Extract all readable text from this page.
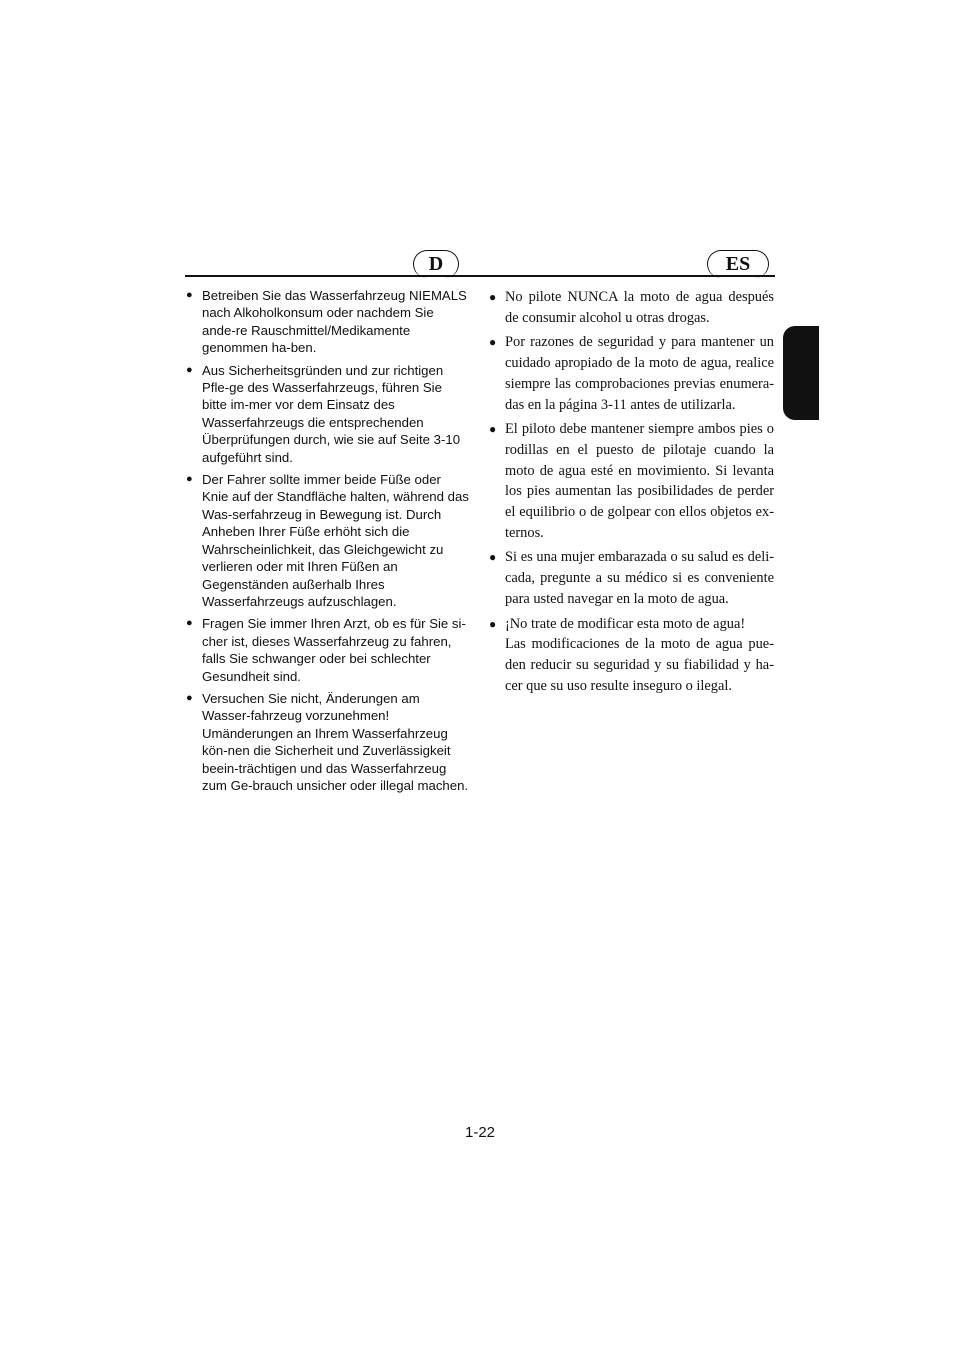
D	ES
● Betreiben Sie das Wasserfahrzeug NIEMALS nach Alkoholkonsum oder nachdem Sie ande-re Rauschmittel/Medikamente genommen ha-ben.
● Aus Sicherheitsgründen und zur richtigen Pfle-ge des Wasserfahrzeugs, führen Sie bitte im-mer vor dem Einsatz des Wasserfahrzeugs die entsprechenden Überprüfungen durch, wie sie auf Seite 3-10 aufgeführt sind.
● Der Fahrer sollte immer beide Füße oder Knie auf der Standfläche halten, während das Was-serfahrzeug in Bewegung ist. Durch Anheben Ihrer Füße erhöht sich die Wahrscheinlichkeit, das Gleichgewicht zu verlieren oder mit Ihren Füßen an Gegenständen außerhalb Ihres Wasserfahrzeugs aufzuschlagen.
● Fragen Sie immer Ihren Arzt, ob es für Sie si-cher ist, dieses Wasserfahrzeug zu fahren, falls Sie schwanger oder bei schlechter Gesundheit sind.
● Versuchen Sie nicht, Änderungen am Wasser-fahrzeug vorzunehmen!
Umänderungen an Ihrem Wasserfahrzeug kön-nen die Sicherheit und Zuverlässigkeit beein-trächtigen und das Wasserfahrzeug zum Ge-brauch unsicher oder illegal machen.
● No pilote NUNCA la moto de agua después de consumir alcohol u otras drogas.
● Por razones de seguridad y para mantener un cuidado apropiado de la moto de agua, realice siempre las comprobaciones previas enumera-das en la página 3-11 antes de utilizarla.
● El piloto debe mantener siempre ambos pies o rodillas en el puesto de pilotaje cuando la moto de agua esté en movimiento. Si levanta los pies aumentan las posibilidades de perder el equilibrio o de golpear con ellos objetos ex-ternos.
● Si es una mujer embarazada o su salud es deli-cada, pregunte a su médico si es conveniente para usted navegar en la moto de agua.
● ¡No trate de modificar esta moto de agua!
Las modificaciones de la moto de agua pue-den reducir su seguridad y su fiabilidad y ha-cer que su uso resulte inseguro o ilegal.
1-22
